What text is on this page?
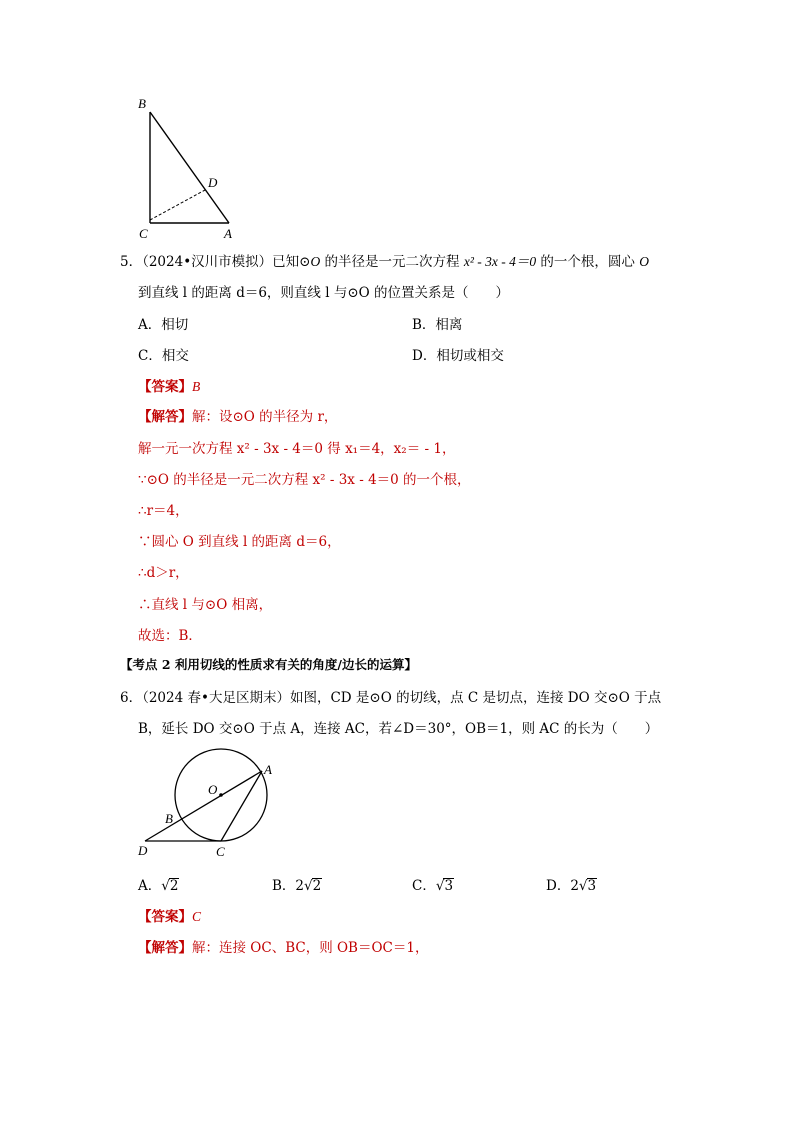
B
D
C	A
5．（2024•汉川市模拟）已知⊙O 的半径是一元二次方程 x² - 3x - 4＝0 的一个根，圆心 O
到直线 l 的距离 d＝6，则直线 l 与⊙O 的位置关系是（　　）
A．相切	B．相离
C．相交	D．相切或相交
【答案】B
【解答】解：设⊙O 的半径为 r，
解一元一次方程 x² - 3x - 4＝0 得 x₁＝4，x₂＝ - 1，
∵⊙O 的半径是一元二次方程 x² - 3x - 4＝0 的一个根，
∴r＝4，
∵圆心 O 到直线 l 的距离 d＝6，
∴d＞r，
∴直线 l 与⊙O 相离，
故选：B．
【考点 2 利用切线的性质求有关的角度/边长的运算】
6．（2024 春•大足区期末）如图，CD 是⊙O 的切线，点 C 是切点，连接 DO 交⊙O 于点
B，延长 DO 交⊙O 于点 A，连接 AC，若∠D＝30°，OB＝1，则 AC 的长为（　　）
O
A
B
D	C
A．√2	B．2√2	C．√3	D．2√3
【答案】C
【解答】解：连接 OC、BC，则 OB＝OC＝1，
